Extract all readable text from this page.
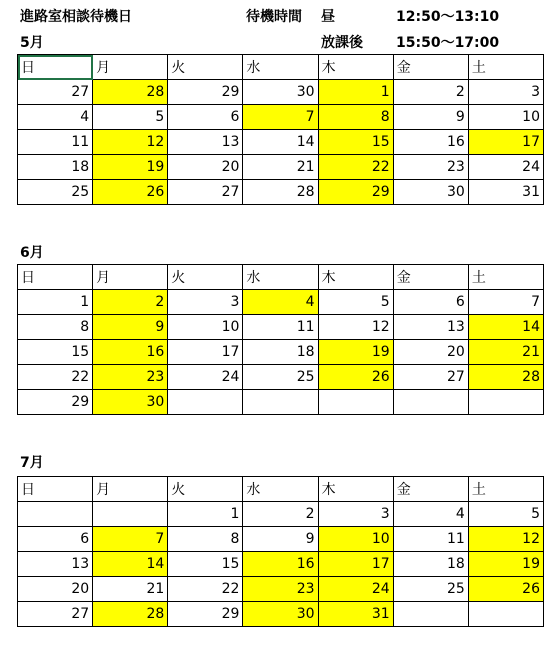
進路室相談待機日	待機時間 昼	12:50～13:10
放課後 15:50～17:00
5月
日	月	火	水	木	金	土
27	28	29	30	1	2	3
4	5	6	7	8	9	10
11	12	13	14	15	16	17
18	19	20	21	22	23	24
25	26	27	28	29	30	31
6月
日	月	火	水	木	金	土
1	2	3	4	5	6	7
8	9	10	11	12	13	14
15	16	17	18	19	20	21
22	23	24	25	26	27	28
29	30					
7月
日	月	火	水	木	金	土
		1	2	3	4	5
6	7	8	9	10	11	12
13	14	15	16	17	18	19
20	21	22	23	24	25	26
27	28	29	30	31		
